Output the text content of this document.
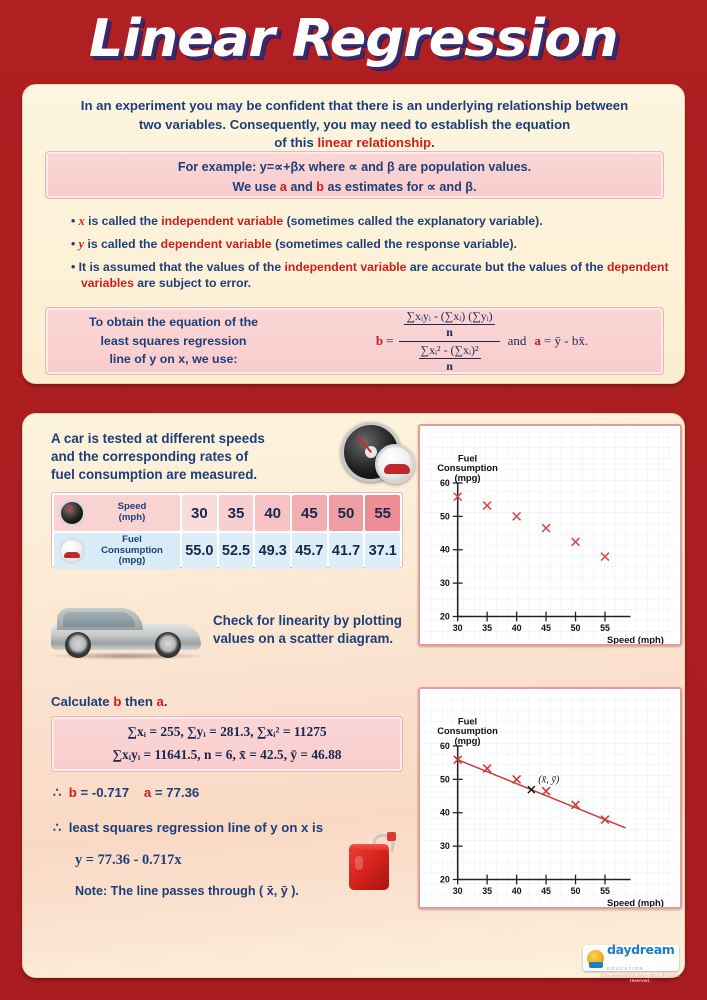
Linear Regression
In an experiment you may be confident that there is an underlying relationship between
two variables. Consequently, you may need to establish the equation
of this linear relationship.
For example: y=∝+βx where ∝ and β are population values.
We use a and b as estimates for ∝ and β.
• x is called the independent variable (sometimes called the explanatory variable).
• y is called the dependent variable (sometimes called the response variable).
• It is assumed that the values of the independent variable are accurate but the values of the dependent variables are subject to error.
To obtain the equation of the
least squares regression
line of y on x, we use:
b = ∑xᵢyᵢ - (∑xᵢ) (∑yᵢ)
n
$\frac{\text{∑xᵢ² - (∑xᵢ)²}}{n}$ and a = ȳ - bx̄.
A car is tested at different speeds
and the corresponding rates of
fuel consumption are measured.
Speed
(mph)	30	35	40	45	50	55
Fuel
Consumption
(mpg)
55.0 52.5 49.3 45.7 41.7 37.1
Check for linearity by plotting
values on a scatter diagram.
20
30
40
50
60
30 35 40 45 50 55
Fuel
Consumption
(mpg)
Speed (mph)
Calculate b then a.
∑xᵢ = 255, ∑yᵢ = 281.3, ∑xᵢ² = 11275
∑xᵢyᵢ = 11641.5, n = 6, x̄ = 42.5, ȳ = 46.88
∴  b = -0.717 a = 77.36
∴  least squares regression line of y on x is
y = 77.36 - 0.717x
Note: The line passes through ( x̄, ȳ ).
20
30
40
50
60
30 35 40 45 50 55
Fuel
Consumption
(mpg)
Speed (mph)
(x̄, ȳ)
daydream
EDUCATION
©daydreamEducation 2014 all rights reserved.
